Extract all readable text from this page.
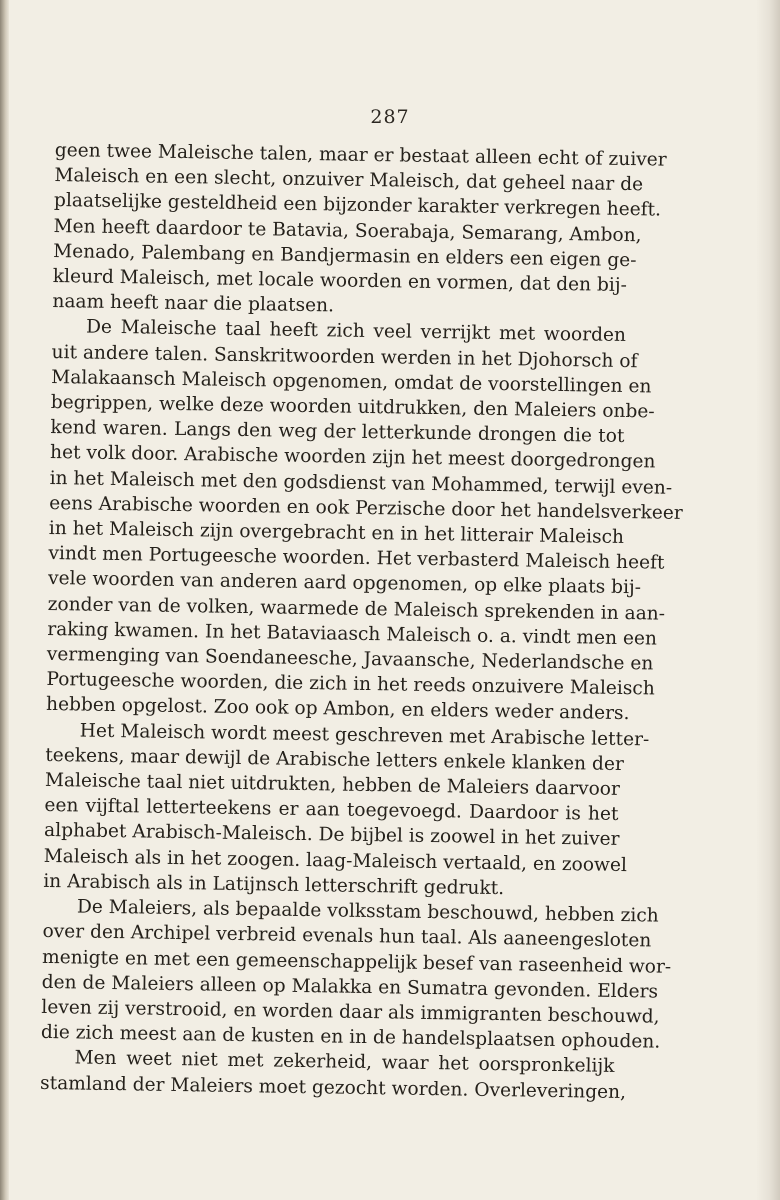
287
geen twee Maleische talen, maar er bestaat alleen echt of zuiver
Maleisch en een slecht, onzuiver Maleisch, dat geheel naar de
plaatselijke gesteldheid een bijzonder karakter verkregen heeft.
Men heeft daardoor te Batavia, Soerabaja, Semarang, Ambon,
Menado, Palembang en Bandjermasin en elders een eigen ge-
kleurd Maleisch, met locale woorden en vormen, dat den bij-
naam heeft naar die plaatsen.
De Maleische taal heeft zich veel verrijkt met woorden
uit andere talen. Sanskritwoorden werden in het Djohorsch of
Malakaansch Maleisch opgenomen, omdat de voorstellingen en
begrippen, welke deze woorden uitdrukken, den Maleiers onbe-
kend waren. Langs den weg der letterkunde drongen die tot
het volk door. Arabische woorden zijn het meest doorgedrongen
in het Maleisch met den godsdienst van Mohammed, terwijl even-
eens Arabische woorden en ook Perzische door het handelsverkeer
in het Maleisch zijn overgebracht en in het litterair Maleisch
vindt men Portugeesche woorden. Het verbasterd Maleisch heeft
vele woorden van anderen aard opgenomen, op elke plaats bij-
zonder van de volken, waarmede de Maleisch sprekenden in aan-
raking kwamen. In het Bataviaasch Maleisch o. a. vindt men een
vermenging van Soendaneesche, Javaansche, Nederlandsche en
Portugeesche woorden, die zich in het reeds onzuivere Maleisch
hebben opgelost. Zoo ook op Ambon, en elders weder anders.
Het Maleisch wordt meest geschreven met Arabische letter-
teekens, maar dewijl de Arabische letters enkele klanken der
Maleische taal niet uitdrukten, hebben de Maleiers daarvoor
een vijftal letterteekens er aan toegevoegd. Daardoor is het
alphabet Arabisch-Maleisch. De bijbel is zoowel in het zuiver
Maleisch als in het zoogen. laag-Maleisch vertaald, en zoowel
in Arabisch als in Latijnsch letterschrift gedrukt.
De Maleiers, als bepaalde volksstam beschouwd, hebben zich
over den Archipel verbreid evenals hun taal. Als aaneengesloten
menigte en met een gemeenschappelijk besef van raseenheid wor-
den de Maleiers alleen op Malakka en Sumatra gevonden. Elders
leven zij verstrooid, en worden daar als immigranten beschouwd,
die zich meest aan de kusten en in de handelsplaatsen ophouden.
Men weet niet met zekerheid, waar het oorspronkelijk
stamland der Maleiers moet gezocht worden. Overleveringen,
